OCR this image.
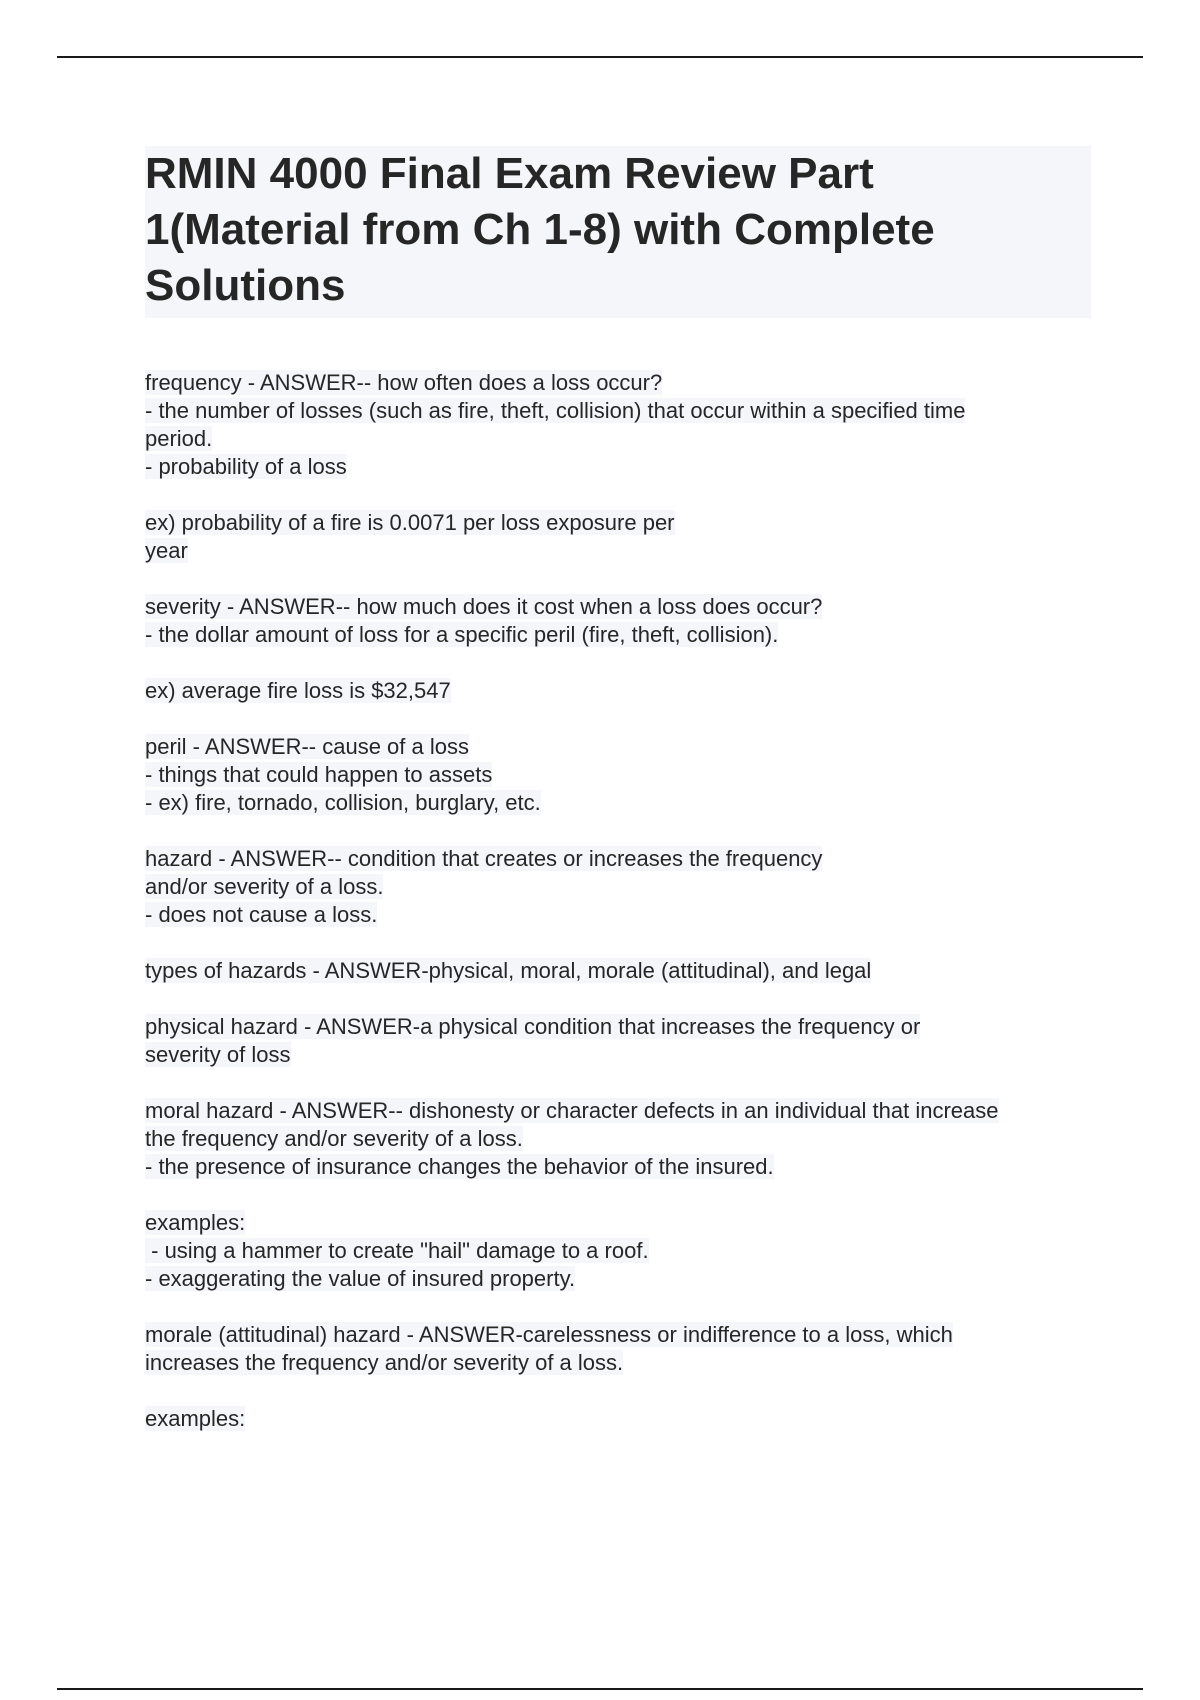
RMIN 4000 Final Exam Review Part 1(Material from Ch 1-8) with Complete Solutions
frequency - ANSWER-- how often does a loss occur?
- the number of losses (such as fire, theft, collision) that occur within a specified time
period.
- probability of a loss
ex) probability of a fire is 0.0071 per loss exposure per
year
severity - ANSWER-- how much does it cost when a loss does occur?
- the dollar amount of loss for a specific peril (fire, theft, collision).
ex) average fire loss is $32,547
peril - ANSWER-- cause of a loss
- things that could happen to assets
- ex) fire, tornado, collision, burglary, etc.
hazard - ANSWER-- condition that creates or increases the frequency
and/or severity of a loss.
- does not cause a loss.
types of hazards - ANSWER-physical, moral, morale (attitudinal), and legal
physical hazard - ANSWER-a physical condition that increases the frequency or
severity of loss
moral hazard - ANSWER-- dishonesty or character defects in an individual that increase
the frequency and/or severity of a loss.
- the presence of insurance changes the behavior of the insured.
examples:
- using a hammer to create "hail" damage to a roof.
- exaggerating the value of insured property.
morale (attitudinal) hazard - ANSWER-carelessness or indifference to a loss, which
increases the frequency and/or severity of a loss.
examples:
